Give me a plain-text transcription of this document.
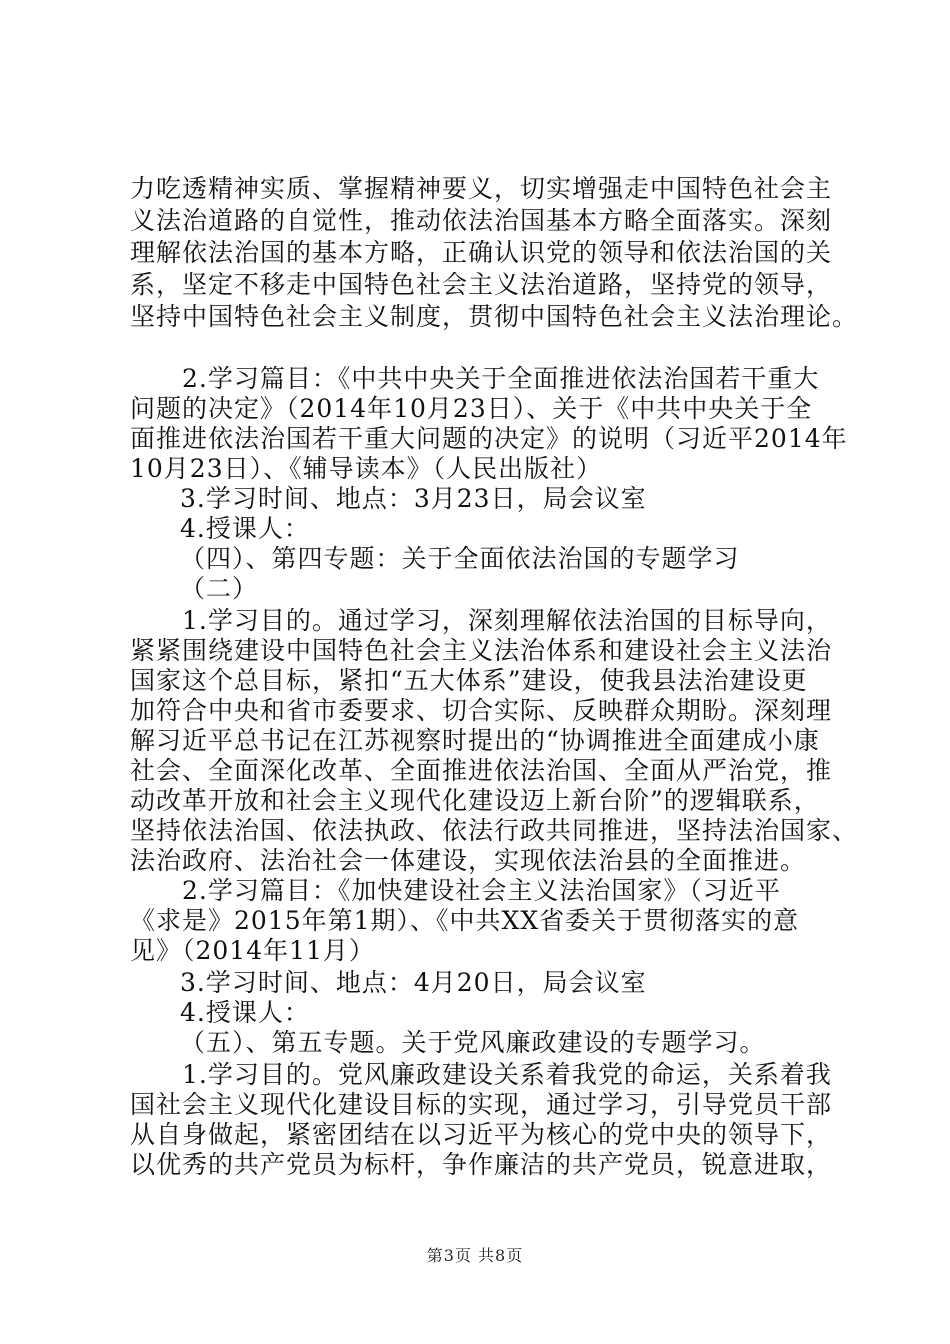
力吃透精神实质、掌握精神要义，切实增强走中国特色社会主
义法治道路的自觉性，推动依法治国基本方略全面落实。深刻
理解依法治国的基本方略，正确认识党的领导和依法治国的关
系，坚定不移走中国特色社会主义法治道路，坚持党的领导，
坚持中国特色社会主义制度，贯彻中国特色社会主义法治理论。
2.学习篇目：《中共中央关于全面推进依法治国若干重大
问题的决定》（2014年10月23日）、关于《中共中央关于全
面推进依法治国若干重大问题的决定》的说明（习近平2014年
10月23日）、《辅导读本》（人民出版社）
3.学习时间、地点：3月23日，局会议室
4.授课人：
（四）、第四专题：关于全面依法治国的专题学习
（二）
1.学习目的。通过学习，深刻理解依法治国的目标导向，
紧紧围绕建设中国特色社会主义法治体系和建设社会主义法治
国家这个总目标，紧扣“五大体系”建设，使我县法治建设更
加符合中央和省市委要求、切合实际、反映群众期盼。深刻理
解习近平总书记在江苏视察时提出的“协调推进全面建成小康
社会、全面深化改革、全面推进依法治国、全面从严治党，推
动改革开放和社会主义现代化建设迈上新台阶”的逻辑联系，
坚持依法治国、依法执政、依法行政共同推进，坚持法治国家、
法治政府、法治社会一体建设，实现依法治县的全面推进。
2.学习篇目：《加快建设社会主义法治国家》（习近平
《求是》2015年第1期）、《中共XX省委关于贯彻落实的意
见》（2014年11月）
3.学习时间、地点：4月20日，局会议室
4.授课人：
（五）、第五专题。关于党风廉政建设的专题学习。
1.学习目的。党风廉政建设关系着我党的命运，关系着我
国社会主义现代化建设目标的实现，通过学习，引导党员干部
从自身做起，紧密团结在以习近平为核心的党中央的领导下，
以优秀的共产党员为标杆，争作廉洁的共产党员，锐意进取，
第3页 共8页
